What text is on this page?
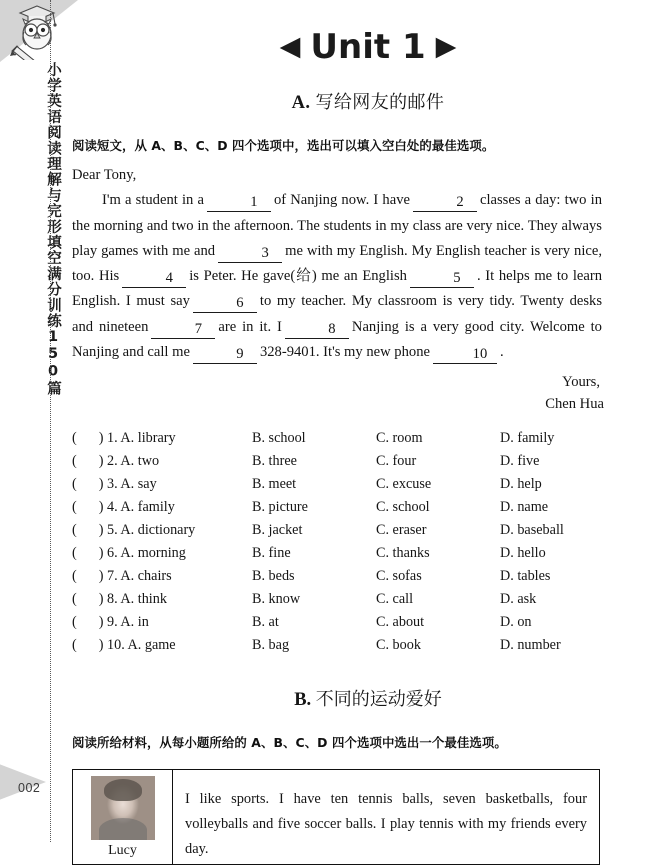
小学英语阅读理解与完形填空满分训练150篇
002
◀ Unit 1 ▶
A. 写给网友的邮件
阅读短文，从 A、B、C、D 四个选项中，选出可以填入空白处的最佳选项。
Dear Tony,
I'm a student in a	1 of Nanjing now. I have	2 classes a day: two in the morning and two in the afternoon. The students in my class are very nice. They always play games with me and	3 me with my English. My English teacher is very nice, too. His	4 is Peter. He gave(给) me an English	5 . It helps me to learn English. I must say	6 to my teacher. My classroom is very tidy. Twenty desks and nineteen	7 are in it. I	8 Nanjing is a very good city. Welcome to Nanjing and call me	9 328-9401. It's my new phone	10 .
Yours,
Chen Hua
( ) 1. A. library	B. school	C. room	D. family
( ) 2. A. two	B. three	C. four	D. five
( ) 3. A. say	B. meet	C. excuse	D. help
( ) 4. A. family	B. picture	C. school	D. name
( ) 5. A. dictionary	B. jacket	C. eraser	D. baseball
( ) 6. A. morning	B. fine	C. thanks	D. hello
( ) 7. A. chairs	B. beds	C. sofas	D. tables
( ) 8. A. think	B. know	C. call	D. ask
( ) 9. A. in	B. at	C. about	D. on
( ) 10. A. game	B. bag	C. book	D. number
B. 不同的运动爱好
阅读所给材料，从每小题所给的 A、B、C、D 四个选项中选出一个最佳选项。
Lucy
I like sports. I have ten tennis balls, seven basketballs, four volleyballs and five soccer balls. I play tennis with my friends every day.
